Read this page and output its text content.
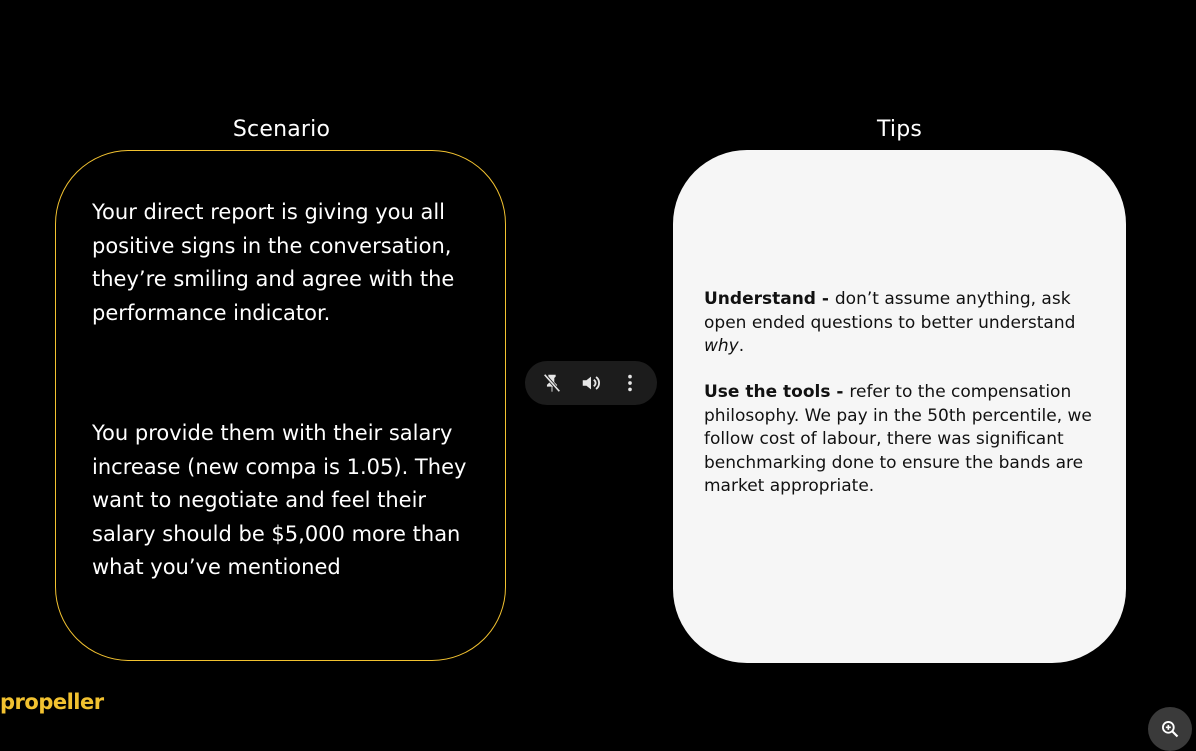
Scenario	Tips

Your direct report is giving you all positive signs in the conversation, they’re smiling and agree with the performance indicator.

You provide them with their salary increase (new compa is 1.05). They want to negotiate and feel their salary should be $5,000 more than what you’ve mentioned

Understand - don’t assume anything, ask open ended questions to better understand why.

Use the tools - refer to the compensation philosophy. We pay in the 50th percentile, we follow cost of labour, there was significant benchmarking done to ensure the bands are market appropriate.

propeller
